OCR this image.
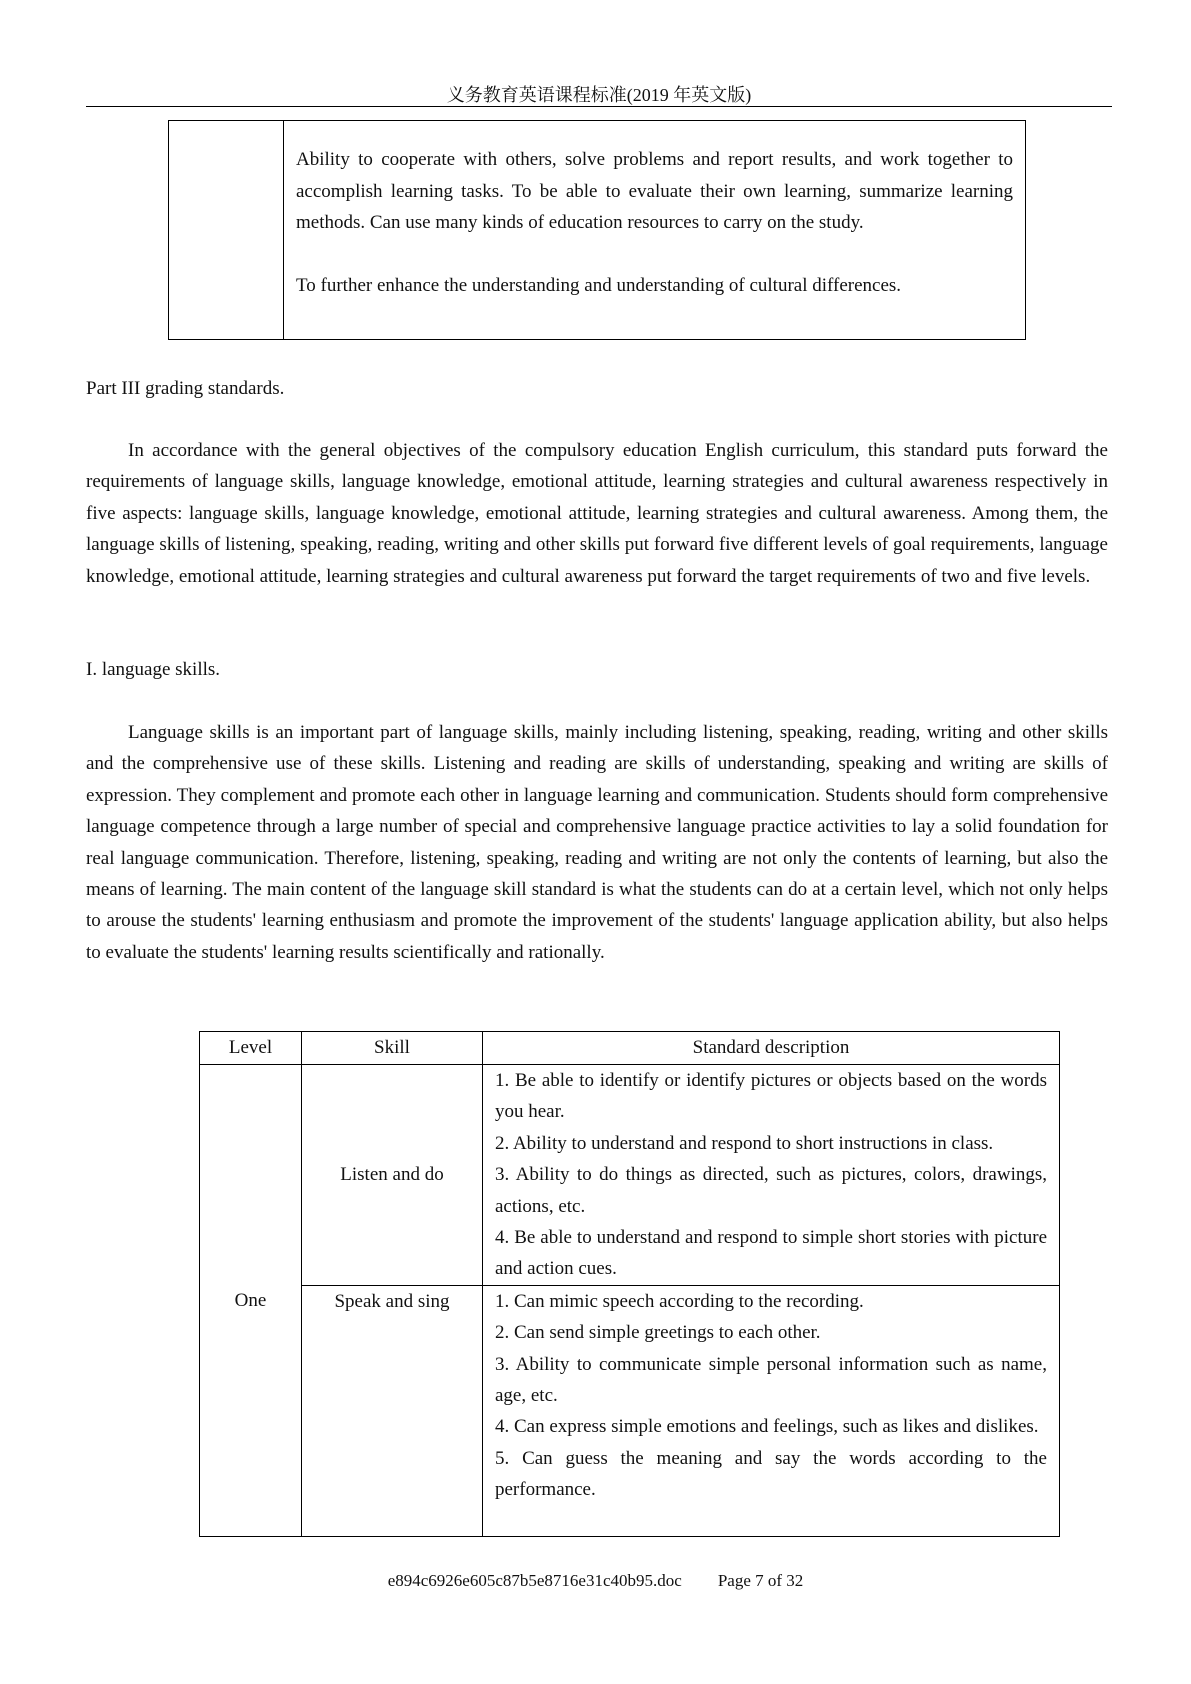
义务教育英语课程标准(2019 年英文版)

Ability to cooperate with others, solve problems and report results, and work together to accomplish learning tasks. To be able to evaluate their own learning, summarize learning methods. Can use many kinds of education resources to carry on the study.

To further enhance the understanding and understanding of cultural differences.

Part III grading standards.

In accordance with the general objectives of the compulsory education English curriculum, this standard puts forward the requirements of language skills, language knowledge, emotional attitude, learning strategies and cultural awareness respectively in five aspects: language skills, language knowledge, emotional attitude, learning strategies and cultural awareness. Among them, the language skills of listening, speaking, reading, writing and other skills put forward five different levels of goal requirements, language knowledge, emotional attitude, learning strategies and cultural awareness put forward the target requirements of two and five levels.

I. language skills.

Language skills is an important part of language skills, mainly including listening, speaking, reading, writing and other skills and the comprehensive use of these skills. Listening and reading are skills of understanding, speaking and writing are skills of expression. They complement and promote each other in language learning and communication. Students should form comprehensive language competence through a large number of special and comprehensive language practice activities to lay a solid foundation for real language communication. Therefore, listening, speaking, reading and writing are not only the contents of learning, but also the means of learning. The main content of the language skill standard is what the students can do at a certain level, which not only helps to arouse the students' learning enthusiasm and promote the improvement of the students' language application ability, but also helps to evaluate the students' learning results scientifically and rationally.

Level	Skill	Standard description
One	Listen and do	1. Be able to identify or identify pictures or objects based on the words you hear.
2. Ability to understand and respond to short instructions in class.
3. Ability to do things as directed, such as pictures, colors, drawings, actions, etc.
4. Be able to understand and respond to simple short stories with picture and action cues.

	Speak and sing	1. Can mimic speech according to the recording.
2. Can send simple greetings to each other.
3. Ability to communicate simple personal information such as name, age, etc.
4. Can express simple emotions and feelings, such as likes and dislikes.
5. Can guess the meaning and say the words according to the performance.
e894c6926e605c87b5e8716e31c40b95.doc Page 7 of 32
